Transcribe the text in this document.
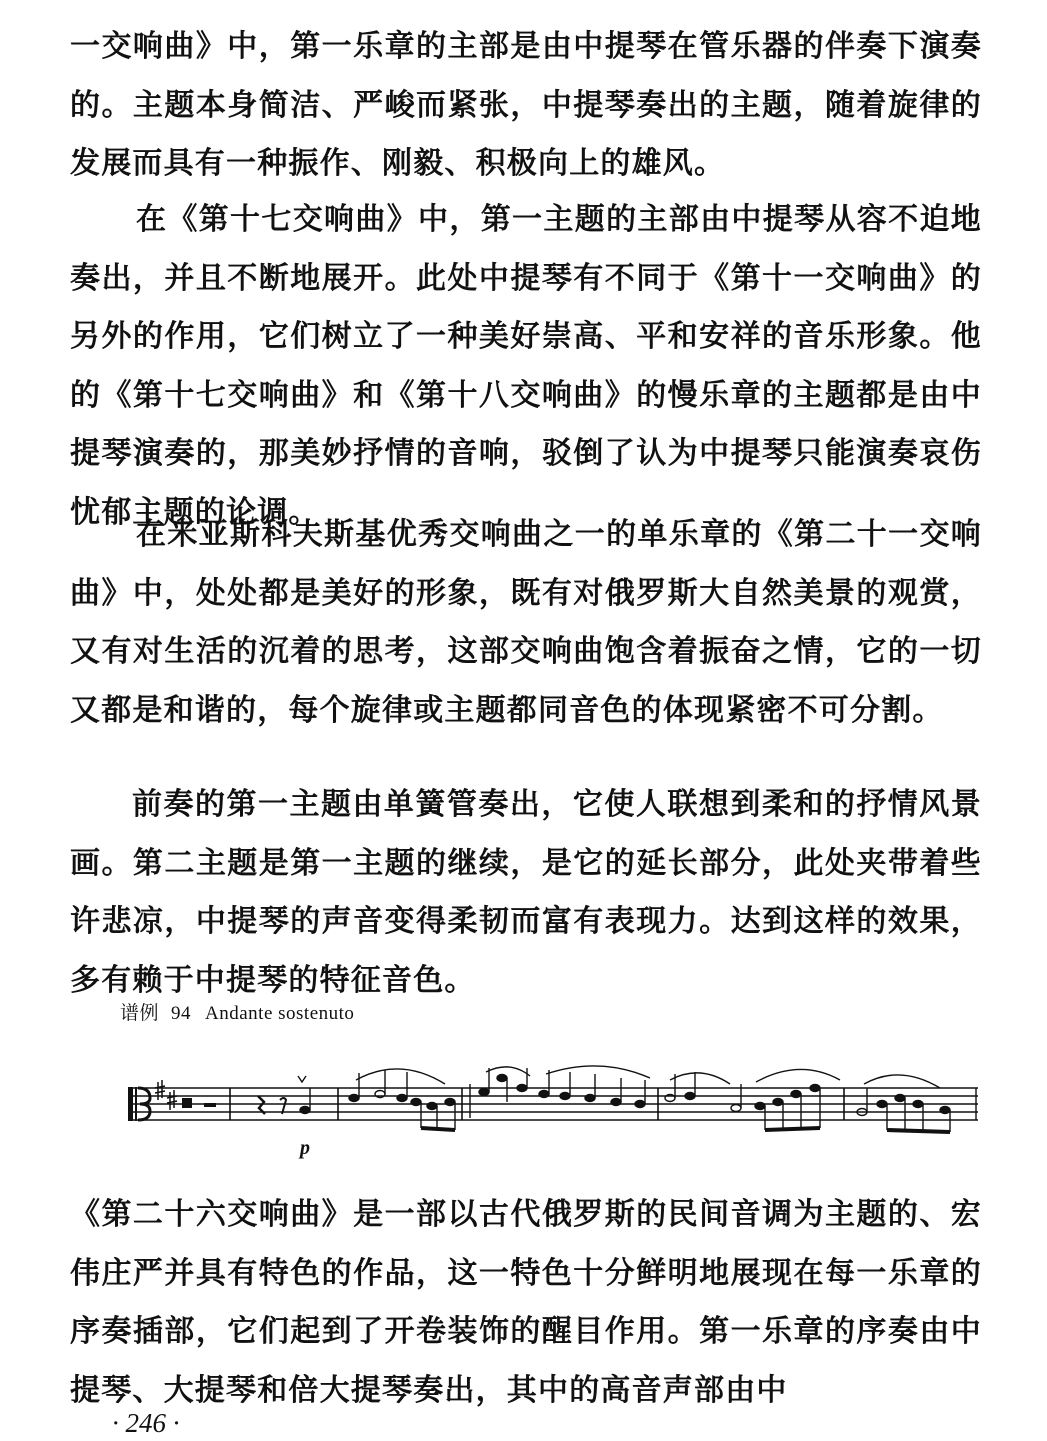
一交响曲》中，第一乐章的主部是由中提琴在管乐器的伴奏下演奏的。主题本身简洁、严峻而紧张，中提琴奏出的主题，随着旋律的发展而具有一种振作、刚毅、积极向上的雄风。

在《第十七交响曲》中，第一主题的主部由中提琴从容不迫地奏出，并且不断地展开。此处中提琴有不同于《第十一交响曲》的另外的作用，它们树立了一种美好崇高、平和安祥的音乐形象。他的《第十七交响曲》和《第十八交响曲》的慢乐章的主题都是由中提琴演奏的，那美妙抒情的音响，驳倒了认为中提琴只能演奏哀伤忧郁主题的论调。

在米亚斯科夫斯基优秀交响曲之一的单乐章的《第二十一交响曲》中，处处都是美好的形象，既有对俄罗斯大自然美景的观赏，又有对生活的沉着的思考，这部交响曲饱含着振奋之情，它的一切又都是和谐的，每个旋律或主题都同音色的体现紧密不可分割。

前奏的第一主题由单簧管奏出，它使人联想到柔和的抒情风景画。第二主题是第一主题的继续，是它的延长部分，此处夹带着些许悲凉，中提琴的声音变得柔韧而富有表现力。达到这样的效果，多有赖于中提琴的特征音色。

谱例 94 Andante sostenuto
p

《第二十六交响曲》是一部以古代俄罗斯的民间音调为主题的、宏伟庄严并具有特色的作品，这一特色十分鲜明地展现在每一乐章的序奏插部，它们起到了开卷装饰的醒目作用。第一乐章的序奏由中提琴、大提琴和倍大提琴奏出，其中的高音声部由中

· 246 ·
